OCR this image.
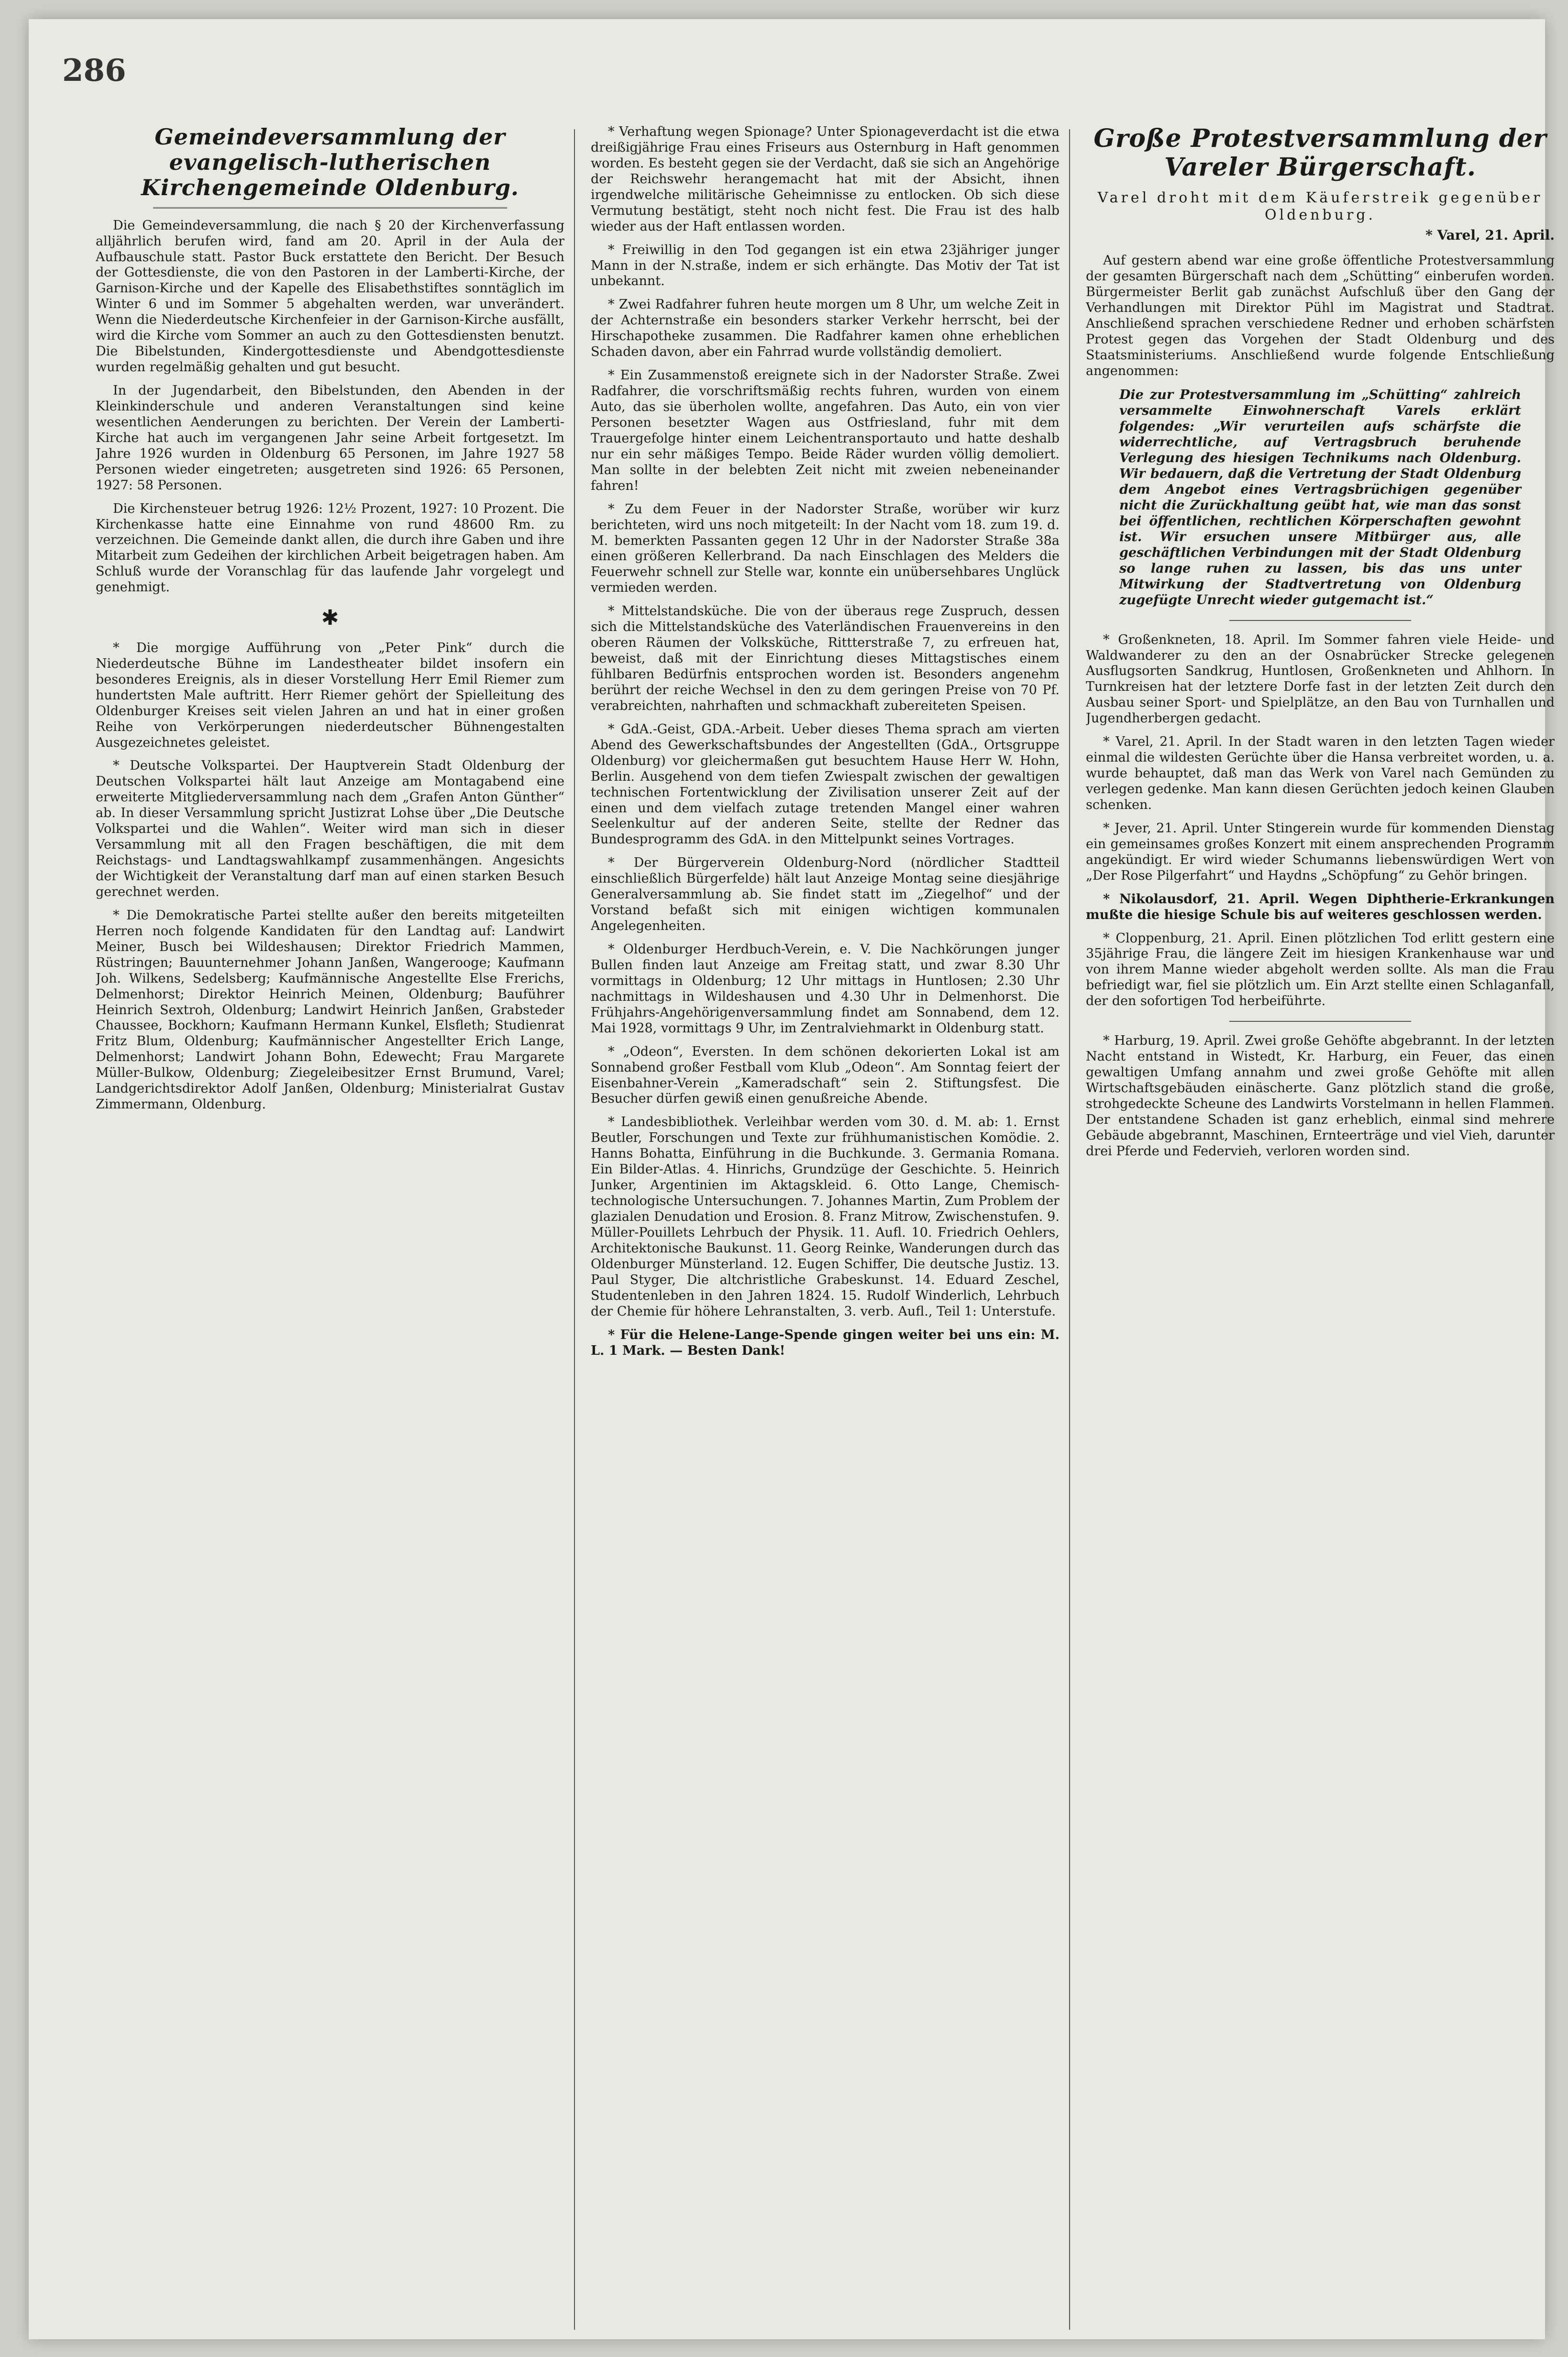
286
Gemeindeversammlung der evangelisch-lutherischen Kirchengemeinde Oldenburg.

Die Gemeindeversammlung, die nach § 20 der Kirchenverfassung alljährlich berufen wird, fand am 20. April in der Aula der Aufbauschule statt. Pastor Buck erstattete den Bericht. Der Besuch der Gottesdienste, die von den Pastoren in der Lamberti-Kirche, der Garnison-Kirche und der Kapelle des Elisabethstiftes sonntäglich im Winter 6 und im Sommer 5 abgehalten werden, war unverändert. Wenn die Niederdeutsche Kirchenfeier in der Garnison-Kirche ausfällt, wird die Kirche vom Sommer an auch zu den Gottesdiensten benutzt. Die Bibelstunden, Kindergottesdienste und Abendgottesdienste wurden regelmäßig gehalten und gut besucht.

In der Jugendarbeit, den Bibelstunden, den Abenden in der Kleinkinderschule und anderen Veranstaltungen sind keine wesentlichen Aenderungen zu berichten. Der Verein der Lamberti-Kirche hat auch im vergangenen Jahr seine Arbeit fortgesetzt. Im Jahre 1926 wurden in Oldenburg 65 Personen, im Jahre 1927 58 Personen wieder eingetreten; ausgetreten sind 1926: 65 Personen, 1927: 58 Personen.

Die Kirchensteuer betrug 1926: 12½ Prozent, 1927: 10 Prozent. Die Kirchenkasse hatte eine Einnahme von rund 48600 Rm. zu verzeichnen. Die Gemeinde dankt allen, die durch ihre Gaben und ihre Mitarbeit zum Gedeihen der kirchlichen Arbeit beigetragen haben. Am Schluß wurde der Voranschlag für das laufende Jahr vorgelegt und genehmigt.

✱

* Die morgige Aufführung von „Peter Pink“ durch die Niederdeutsche Bühne im Landestheater bildet insofern ein besonderes Ereignis, als in dieser Vorstellung Herr Emil Riemer zum hundertsten Male auftritt. Herr Riemer gehört der Spielleitung des Oldenburger Kreises seit vielen Jahren an und hat in einer großen Reihe von Verkörperungen niederdeutscher Bühnengestalten Ausgezeichnetes geleistet.

* Deutsche Volkspartei. Der Hauptverein Stadt Oldenburg der Deutschen Volkspartei hält laut Anzeige am Montagabend eine erweiterte Mitgliederversammlung nach dem „Grafen Anton Günther“ ab. In dieser Versammlung spricht Justizrat Lohse über „Die Deutsche Volkspartei und die Wahlen“. Weiter wird man sich in dieser Versammlung mit all den Fragen beschäftigen, die mit dem Reichstags- und Landtagswahlkampf zusammenhängen. Angesichts der Wichtigkeit der Veranstaltung darf man auf einen starken Besuch gerechnet werden.

* Die Demokratische Partei stellte außer den bereits mitgeteilten Herren noch folgende Kandidaten für den Landtag auf: Landwirt Meiner, Busch bei Wildeshausen; Direktor Friedrich Mammen, Rüstringen; Bauunternehmer Johann Janßen, Wangerooge; Kaufmann Joh. Wilkens, Sedelsberg; Kaufmännische Angestellte Else Frerichs, Delmenhorst; Direktor Heinrich Meinen, Oldenburg; Bauführer Heinrich Sextroh, Oldenburg; Landwirt Heinrich Janßen, Grabsteder Chaussee, Bockhorn; Kaufmann Hermann Kunkel, Elsfleth; Studienrat Fritz Blum, Oldenburg; Kaufmännischer Angestellter Erich Lange, Delmenhorst; Landwirt Johann Bohn, Edewecht; Frau Margarete Müller-Bulkow, Oldenburg; Ziegeleibesitzer Ernst Brumund, Varel; Landgerichtsdirektor Adolf Janßen, Oldenburg; Ministerialrat Gustav Zimmermann, Oldenburg.

* Verhaftung wegen Spionage? Unter Spionageverdacht ist die etwa dreißigjährige Frau eines Friseurs aus Osternburg in Haft genommen worden. Es besteht gegen sie der Verdacht, daß sie sich an Angehörige der Reichswehr herangemacht hat mit der Absicht, ihnen irgendwelche militärische Geheimnisse zu entlocken. Ob sich diese Vermutung bestätigt, steht noch nicht fest. Die Frau ist des halb wieder aus der Haft entlassen worden.

* Freiwillig in den Tod gegangen ist ein etwa 23jähriger junger Mann in der N.straße, indem er sich erhängte. Das Motiv der Tat ist unbekannt.

* Zwei Radfahrer fuhren heute morgen um 8 Uhr, um welche Zeit in der Achternstraße ein besonders starker Verkehr herrscht, bei der Hirschapotheke zusammen. Die Radfahrer kamen ohne erheblichen Schaden davon, aber ein Fahrrad wurde vollständig demoliert.

* Ein Zusammenstoß ereignete sich in der Nadorster Straße. Zwei Radfahrer, die vorschriftsmäßig rechts fuhren, wurden von einem Auto, das sie überholen wollte, angefahren. Das Auto, ein von vier Personen besetzter Wagen aus Ostfriesland, fuhr mit dem Trauergefolge hinter einem Leichentransportauto und hatte deshalb nur ein sehr mäßiges Tempo. Beide Räder wurden völlig demoliert. Man sollte in der belebten Zeit nicht mit zweien nebeneinander fahren!

* Zu dem Feuer in der Nadorster Straße, worüber wir kurz berichteten, wird uns noch mitgeteilt: In der Nacht vom 18. zum 19. d. M. bemerkten Passanten gegen 12 Uhr in der Nadorster Straße 38a einen größeren Kellerbrand. Da nach Einschlagen des Melders die Feuerwehr schnell zur Stelle war, konnte ein unübersehbares Unglück vermieden werden.

* Mittelstandsküche. Die von der überaus rege Zuspruch, dessen sich die Mittelstandsküche des Vaterländischen Frauenvereins in den oberen Räumen der Volksküche, Rittterstraße 7, zu erfreuen hat, beweist, daß mit der Einrichtung dieses Mittagstisches einem fühlbaren Bedürfnis entsprochen worden ist. Besonders angenehm berührt der reiche Wechsel in den zu dem geringen Preise von 70 Pf. verabreichten, nahrhaften und schmackhaft zubereiteten Speisen.

* GdA.-Geist, GDA.-Arbeit. Ueber dieses Thema sprach am vierten Abend des Gewerkschaftsbundes der Angestellten (GdA., Ortsgruppe Oldenburg) vor gleichermaßen gut besuchtem Hause Herr W. Hohn, Berlin. Ausgehend von dem tiefen Zwiespalt zwischen der gewaltigen technischen Fortentwicklung der Zivilisation unserer Zeit auf der einen und dem vielfach zutage tretenden Mangel einer wahren Seelenkultur auf der anderen Seite, stellte der Redner das Bundesprogramm des GdA. in den Mittelpunkt seines Vortrages.

* Der Bürgerverein Oldenburg-Nord (nördlicher Stadtteil einschließlich Bürgerfelde) hält laut Anzeige Montag seine diesjährige Generalversammlung ab. Sie findet statt im „Ziegelhof“ und der Vorstand befaßt sich mit einigen wichtigen kommunalen Angelegenheiten.

* Oldenburger Herdbuch-Verein, e. V. Die Nachkörungen junger Bullen finden laut Anzeige am Freitag statt, und zwar 8.30 Uhr vormittags in Oldenburg; 12 Uhr mittags in Huntlosen; 2.30 Uhr nachmittags in Wildeshausen und 4.30 Uhr in Delmenhorst. Die Frühjahrs-Angehörigenversammlung findet am Sonnabend, dem 12. Mai 1928, vormittags 9 Uhr, im Zentralviehmarkt in Oldenburg statt.

* „Odeon“, Eversten. In dem schönen dekorierten Lokal ist am Sonnabend großer Festball vom Klub „Odeon“. Am Sonntag feiert der Eisenbahner-Verein „Kameradschaft“ sein 2. Stiftungsfest. Die Besucher dürfen gewiß einen genußreiche Abende.

* Landesbibliothek. Verleihbar werden vom 30. d. M. ab: 1. Ernst Beutler, Forschungen und Texte zur frühhumanistischen Komödie. 2. Hanns Bohatta, Einführung in die Buchkunde. 3. Germania Romana. Ein Bilder-Atlas. 4. Hinrichs, Grundzüge der Geschichte. 5. Heinrich Junker, Argentinien im Aktagskleid. 6. Otto Lange, Chemisch-technologische Untersuchungen. 7. Johannes Martin, Zum Problem der glazialen Denudation und Erosion. 8. Franz Mitrow, Zwischenstufen. 9. Müller-Pouillets Lehrbuch der Physik. 11. Aufl. 10. Friedrich Oehlers, Architektonische Baukunst. 11. Georg Reinke, Wanderungen durch das Oldenburger Münsterland. 12. Eugen Schiffer, Die deutsche Justiz. 13. Paul Styger, Die altchristliche Grabeskunst. 14. Eduard Zeschel, Studentenleben in den Jahren 1824. 15. Rudolf Winderlich, Lehrbuch der Chemie für höhere Lehranstalten, 3. verb. Aufl., Teil 1: Unterstufe.

* Für die Helene-Lange-Spende gingen weiter bei uns ein: M. L. 1 Mark. — Besten Dank!

Große Protestversammlung der Vareler Bürgerschaft.
Varel droht mit dem Käuferstreik gegenüber Oldenburg.
* Varel, 21. April.

Auf gestern abend war eine große öffentliche Protestversammlung der gesamten Bürgerschaft nach dem „Schütting“ einberufen worden. Bürgermeister Berlit gab zunächst Aufschluß über den Gang der Verhandlungen mit Direktor Pühl im Magistrat und Stadtrat. Anschließend sprachen verschiedene Redner und erhoben schärfsten Protest gegen das Vorgehen der Stadt Oldenburg und des Staatsministeriums. Anschließend wurde folgende Entschließung angenommen:

Die zur Protestversammlung im „Schütting“ zahlreich versammelte Einwohnerschaft Varels erklärt folgendes: „Wir verurteilen aufs schärfste die widerrechtliche, auf Vertragsbruch beruhende Verlegung des hiesigen Technikums nach Oldenburg. Wir bedauern, daß die Vertretung der Stadt Oldenburg dem Angebot eines Vertragsbrüchigen gegenüber nicht die Zurückhaltung geübt hat, wie man das sonst bei öffentlichen, rechtlichen Körperschaften gewohnt ist. Wir ersuchen unsere Mitbürger aus, alle geschäftlichen Verbindungen mit der Stadt Oldenburg so lange ruhen zu lassen, bis das uns unter Mitwirkung der Stadtvertretung von Oldenburg zugefügte Unrecht wieder gutgemacht ist.“

* Großenkneten, 18. April. Im Sommer fahren viele Heide- und Waldwanderer zu den an der Osnabrücker Strecke gelegenen Ausflugsorten Sandkrug, Huntlosen, Großenkneten und Ahlhorn. In Turnkreisen hat der letztere Dorfe fast in der letzten Zeit durch den Ausbau seiner Sport- und Spielplätze, an den Bau von Turnhallen und Jugendherbergen gedacht.

* Varel, 21. April. In der Stadt waren in den letzten Tagen wieder einmal die wildesten Gerüchte über die Hansa verbreitet worden, u. a. wurde behauptet, daß man das Werk von Varel nach Gemünden zu verlegen gedenke. Man kann diesen Gerüchten jedoch keinen Glauben schenken.

* Jever, 21. April. Unter Stingerein wurde für kommenden Dienstag ein gemeinsames großes Konzert mit einem ansprechenden Programm angekündigt. Er wird wieder Schumanns liebenswürdigen Wert von „Der Rose Pilgerfahrt“ und Haydns „Schöpfung“ zu Gehör bringen.

* Nikolausdorf, 21. April. Wegen Diphtherie-Erkrankungen mußte die hiesige Schule bis auf weiteres geschlossen werden.

* Cloppenburg, 21. April. Einen plötzlichen Tod erlitt gestern eine 35jährige Frau, die längere Zeit im hiesigen Krankenhause war und von ihrem Manne wieder abgeholt werden sollte. Als man die Frau befriedigt war, fiel sie plötzlich um. Ein Arzt stellte einen Schlaganfall, der den sofortigen Tod herbeiführte.

* Harburg, 19. April. Zwei große Gehöfte abgebrannt. In der letzten Nacht entstand in Wistedt, Kr. Harburg, ein Feuer, das einen gewaltigen Umfang annahm und zwei große Gehöfte mit allen Wirtschaftsgebäuden einäscherte. Ganz plötzlich stand die große, strohgedeckte Scheune des Landwirts Vorstelmann in hellen Flammen. Der entstandene Schaden ist ganz erheblich, einmal sind mehrere Gebäude abgebrannt, Maschinen, Ernteerträge und viel Vieh, darunter drei Pferde und Federvieh, verloren worden sind.
